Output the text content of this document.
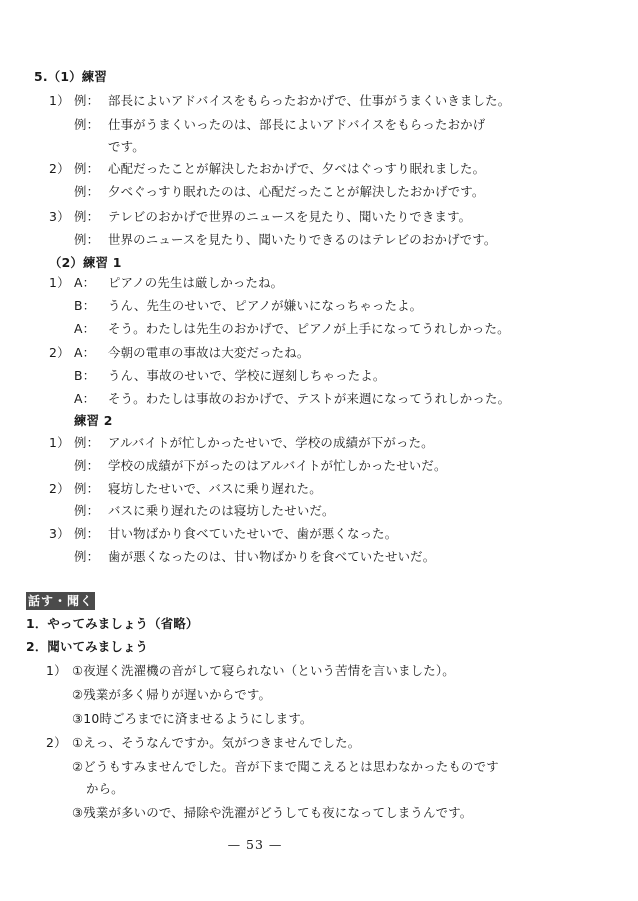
5.（1）練習
1） 例： 部長によいアドバイスをもらったおかげで、仕事がうまくいきました。
例： 仕事がうまくいったのは、部長によいアドバイスをもらったおかげ
です。
2） 例： 心配だったことが解決したおかげで、夕べはぐっすり眠れました。
例： 夕べぐっすり眠れたのは、心配だったことが解決したおかげです。
3） 例： テレビのおかげで世界のニュースを見たり、聞いたりできます。
例： 世界のニュースを見たり、聞いたりできるのはテレビのおかげです。
（2）練習 1
1） A： ピアノの先生は厳しかったね。
B： うん、先生のせいで、ピアノが嫌いになっちゃったよ。
A： そう。わたしは先生のおかげで、ピアノが上手になってうれしかった。
2） A： 今朝の電車の事故は大変だったね。
B： うん、事故のせいで、学校に遅刻しちゃったよ。
A： そう。わたしは事故のおかげで、テストが来週になってうれしかった。
練習 2
1） 例： アルバイトが忙しかったせいで、学校の成績が下がった。
例： 学校の成績が下がったのはアルバイトが忙しかったせいだ。
2） 例： 寝坊したせいで、バスに乗り遅れた。
例： バスに乗り遅れたのは寝坊したせいだ。
3） 例： 甘い物ばかり食べていたせいで、歯が悪くなった。
例： 歯が悪くなったのは、甘い物ばかりを食べていたせいだ。
話す・聞く
1．やってみましょう（省略）
2．聞いてみましょう
1） ①夜遅く洗濯機の音がして寝られない（という苦情を言いました）。
②残業が多く帰りが遅いからです。
③10時ごろまでに済ませるようにします。
2） ①えっ、そうなんですか。気がつきませんでした。
②どうもすみませんでした。音が下まで聞こえるとは思わなかったものです
から。
③残業が多いので、掃除や洗濯がどうしても夜になってしまうんです。
— 53 —
